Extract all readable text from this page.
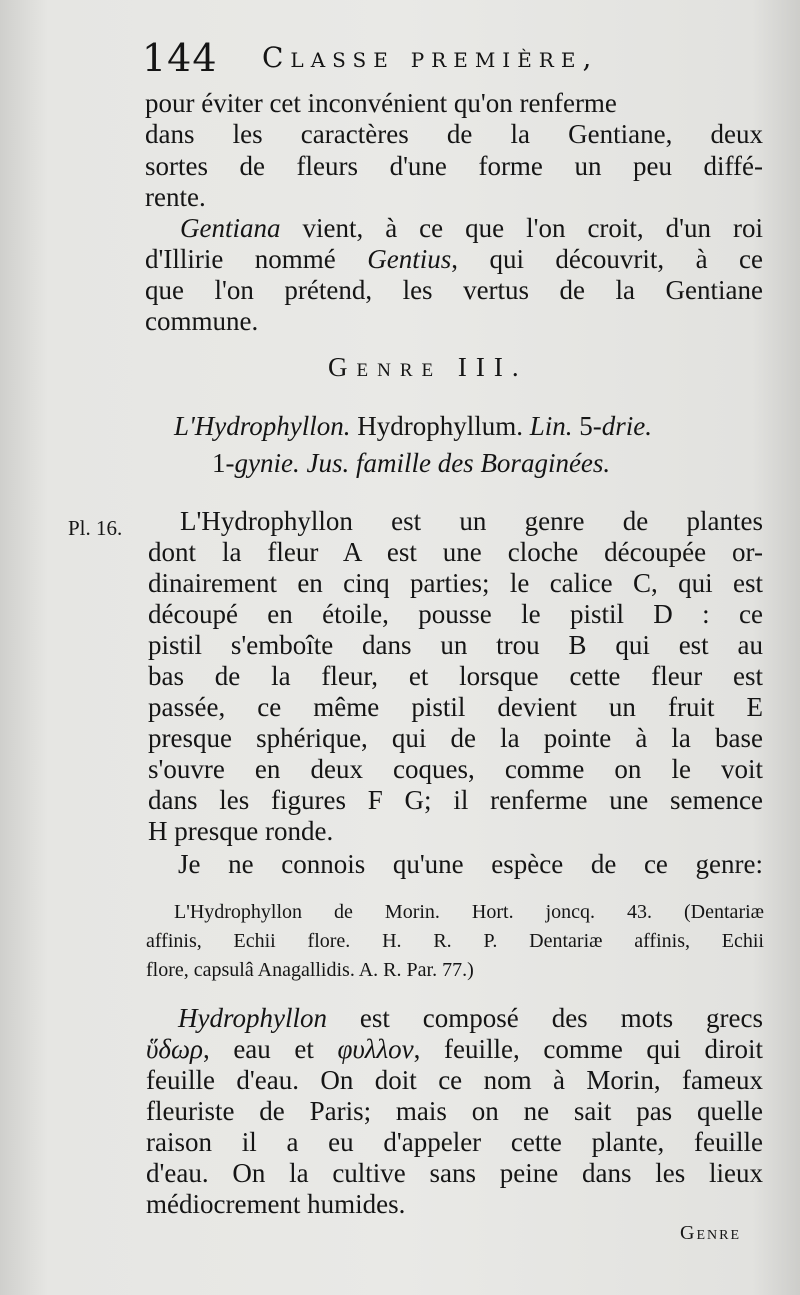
144 Classe première,
pour éviter cet inconvénient qu'on renferme
dans les caractères de la Gentiane, deux
sortes de fleurs d'une forme un peu diffé-
rente.
Gentiana vient, à ce que l'on croit, d'un roi
d'Illirie nommé Gentius, qui découvrit, à ce
que l'on prétend, les vertus de la Gentiane
commune.
Genre III.
L'Hydrophyllon. Hydrophyllum. Lin. 5-drie.
1-gynie. Jus. famille des Boraginées.
Pl. 16. L'Hydrophyllon est un genre de plantes
dont la fleur A est une cloche découpée or-
dinairement en cinq parties; le calice C, qui est
découpé en étoile, pousse le pistil D : ce
pistil s'emboîte dans un trou B qui est au
bas de la fleur, et lorsque cette fleur est
passée, ce même pistil devient un fruit E
presque sphérique, qui de la pointe à la base
s'ouvre en deux coques, comme on le voit
dans les figures F G; il renferme une semence
H presque ronde.
Je ne connois qu'une espèce de ce genre:
L'Hydrophyllon de Morin. Hort. joncq. 43. (Dentariæ
affinis, Echii flore. H. R. P. Dentariæ affinis, Echii
flore, capsulâ Anagallidis. A. R. Par. 77.)
Hydrophyllon est composé des mots grecs
ὕδωρ, eau et φυλλον, feuille, comme qui diroit
feuille d'eau. On doit ce nom à Morin, fameux
fleuriste de Paris; mais on ne sait pas quelle
raison il a eu d'appeler cette plante, feuille
d'eau. On la cultive sans peine dans les lieux
médiocrement humides.
Genre
